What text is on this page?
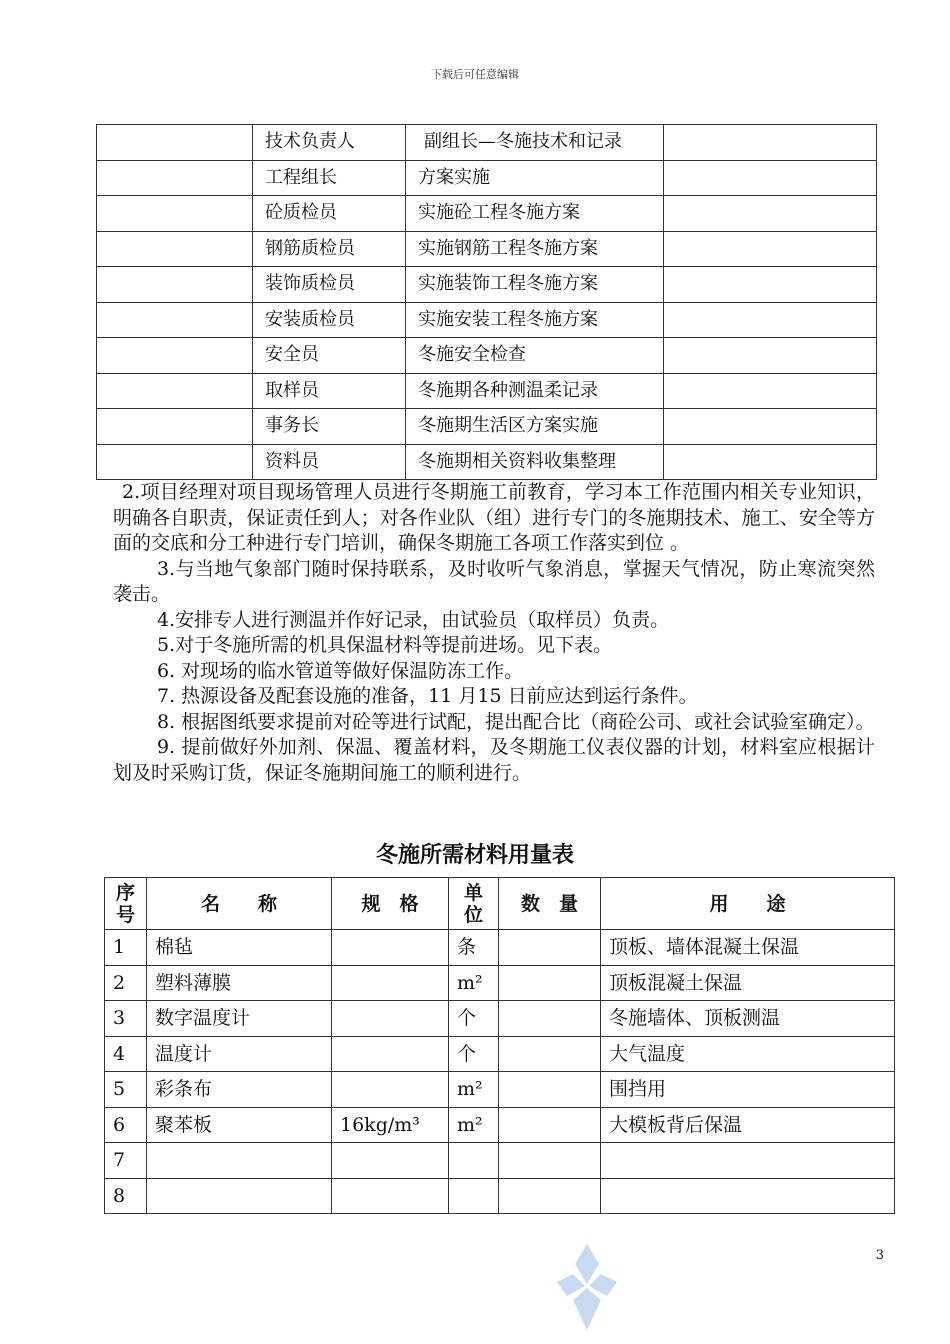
下载后可任意编辑
	技术负责人	副组长—冬施技术和记录	
	工程组长	方案实施	
	砼质检员	实施砼工程冬施方案	
	钢筋质检员	实施钢筋工程冬施方案	
	装饰质检员	实施装饰工程冬施方案	
	安装质检员	实施安装工程冬施方案	
	安全员	冬施安全检查	
	取样员	冬施期各种测温柔记录	
	事务长	冬施期生活区方案实施	
	资料员	冬施期相关资料收集整理	

2.项目经理对项目现场管理人员进行冬期施工前教育，学习本工作范围内相关专业知识，明确各自职责，保证责任到人；对各作业队（组）进行专门的冬施期技术、施工、安全等方面的交底和分工种进行专门培训，确保冬期施工各项工作落实到位 。

3.与当地气象部门随时保持联系，及时收听气象消息，掌握天气情况，防止寒流突然袭击。

4.安排专人进行测温并作好记录，由试验员（取样员）负责。

5.对于冬施所需的机具保温材料等提前进场。见下表。

6. 对现场的临水管道等做好保温防冻工作。

7. 热源设备及配套设施的准备，11 月15 日前应达到运行条件。

8. 根据图纸要求提前对砼等进行试配，提出配合比（商砼公司、或社会试验室确定）。

9. 提前做好外加剂、保温、覆盖材料，及冬期施工仪表仪器的计划，材料室应根据计划及时采购订货，保证冬施期间施工的顺利进行。

冬施所需材料用量表
序号	名　　称	规　格	单位	数　量	用　　途
1	棉毡		条		顶板、墙体混凝土保温
2	塑料薄膜		m²		顶板混凝土保温
3	数字温度计		个		冬施墙体、顶板测温
4	温度计		个		大气温度
5	彩条布		m²		围挡用
6	聚苯板	16kg/m³	m²		大模板背后保温
7					
8					
3
